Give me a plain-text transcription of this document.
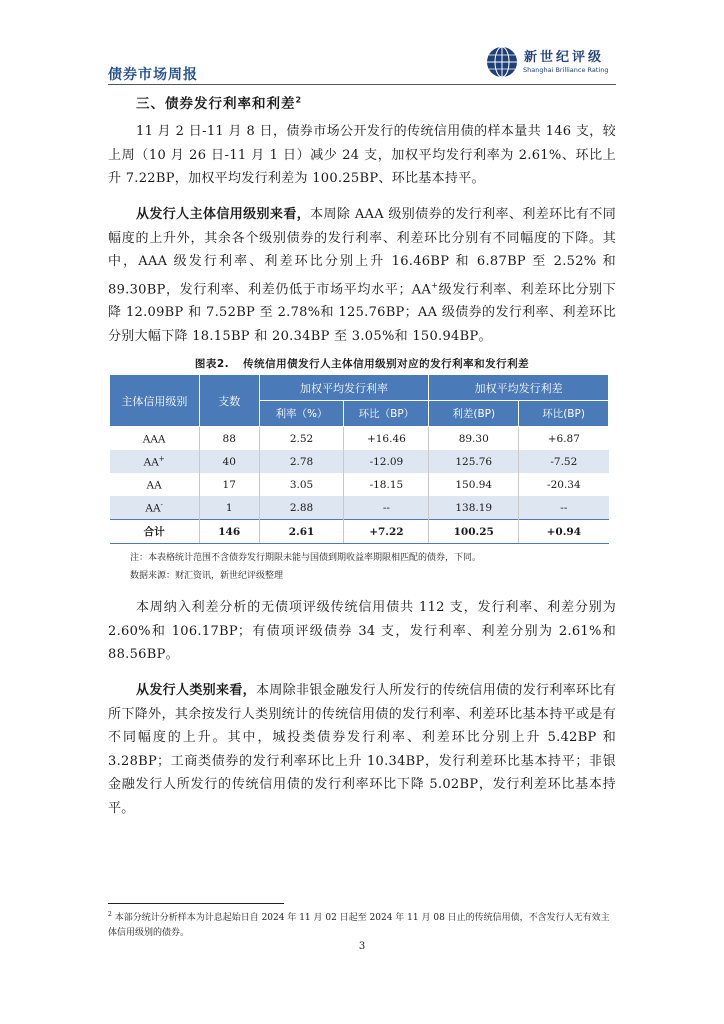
债券市场周报
新世纪评级
Shanghai Brilliance Rating
三、债券发行利率和利差$^2$

11 月 2 日-11 月 8 日，债券市场公开发行的传统信用债的样本量共 146 支，较上周（10 月 26 日-11 月 1 日）减少 24 支，加权平均发行利率为 2.61%、环比上升 7.22BP，加权平均发行利差为 100.25BP、环比基本持平。

从发行人主体信用级别来看，本周除 AAA 级别债券的发行利率、利差环比有不同幅度的上升外，其余各个级别债券的发行利率、利差环比分别有不同幅度的下降。其中，AAA 级发行利率、利差环比分别上升 16.46BP 和 6.87BP 至 2.52% 和 89.30BP，发行利率、利差仍低于市场平均水平；AA+级发行利率、利差环比分别下降 12.09BP 和 7.52BP 至 2.78%和 125.76BP；AA 级债券的发行利率、利差环比分别大幅下降 18.15BP 和 20.34BP 至 3.05%和 150.94BP。

图表2. 传统信用债发行人主体信用级别对应的发行利率和发行利差
主体信用级别	支数	加权平均发行利率		加权平均发行利差	
		利率（%）	环比（BP）	利差(BP)	环比(BP)
AAA	88	2.52	+16.46	89.30	+6.87
AA+	40	2.78	-12.09	125.76	-7.52
AA	17	3.05	-18.15	150.94	-20.34
AA-	1	2.88	--	138.19	--
合计	146	2.61	+7.22	100.25	+0.94
注：本表格统计范围不含债券发行期限未能与国债到期收益率期限相匹配的债券，下同。
数据来源：财汇资讯，新世纪评级整理

本周纳入利差分析的无债项评级传统信用债共 112 支，发行利率、利差分别为 2.60%和 106.17BP；有债项评级债券 34 支，发行利率、利差分别为 2.61%和 88.56BP。

从发行人类别来看，本周除非银金融发行人所发行的传统信用债的发行利率环比有所下降外，其余按发行人类别统计的传统信用债的发行利率、利差环比基本持平或是有不同幅度的上升。其中，城投类债券发行利率、利差环比分别上升 5.42BP 和 3.28BP；工商类债券的发行利率环比上升 10.34BP，发行利差环比基本持平；非银金融发行人所发行的传统信用债的发行利率环比下降 5.02BP，发行利差环比基本持平。

$^2$ 本部分统计分析样本为计息起始日自 2024 年 11 月 02 日起至 2024 年 11 月 08 日止的传统信用债，不含发行人无有效主体信用级别的债券。

3
